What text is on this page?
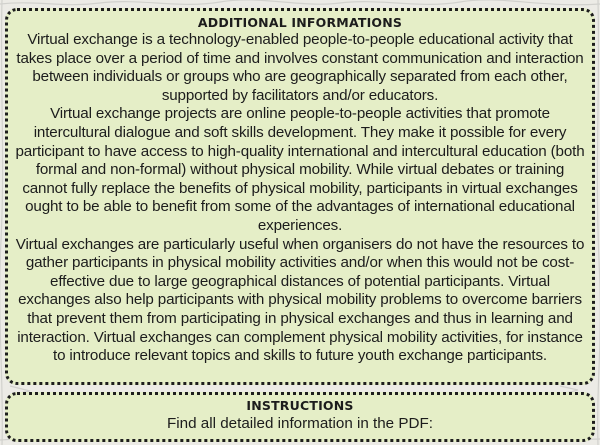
ADDITIONAL INFORMATIONS

Virtual exchange is a technology-enabled people-to-people educational activity that takes place over a period of time and involves constant communication and interaction between individuals or groups who are geographically separated from each other, supported by facilitators and/or educators.

Virtual exchange projects are online people-to-people activities that promote intercultural dialogue and soft skills development. They make it possible for every participant to have access to high-quality international and intercultural education (both formal and non-formal) without physical mobility. While virtual debates or training cannot fully replace the benefits of physical mobility, participants in virtual exchanges ought to be able to benefit from some of the advantages of international educational experiences.

Virtual exchanges are particularly useful when organisers do not have the resources to gather participants in physical mobility activities and/or when this would not be cost-effective due to large geographical distances of potential participants. Virtual exchanges also help participants with physical mobility problems to overcome barriers that prevent them from participating in physical exchanges and thus in learning and interaction. Virtual exchanges can complement physical mobility activities, for instance to introduce relevant topics and skills to future youth exchange participants.

INSTRUCTIONS

Find all detailed information in the PDF:
